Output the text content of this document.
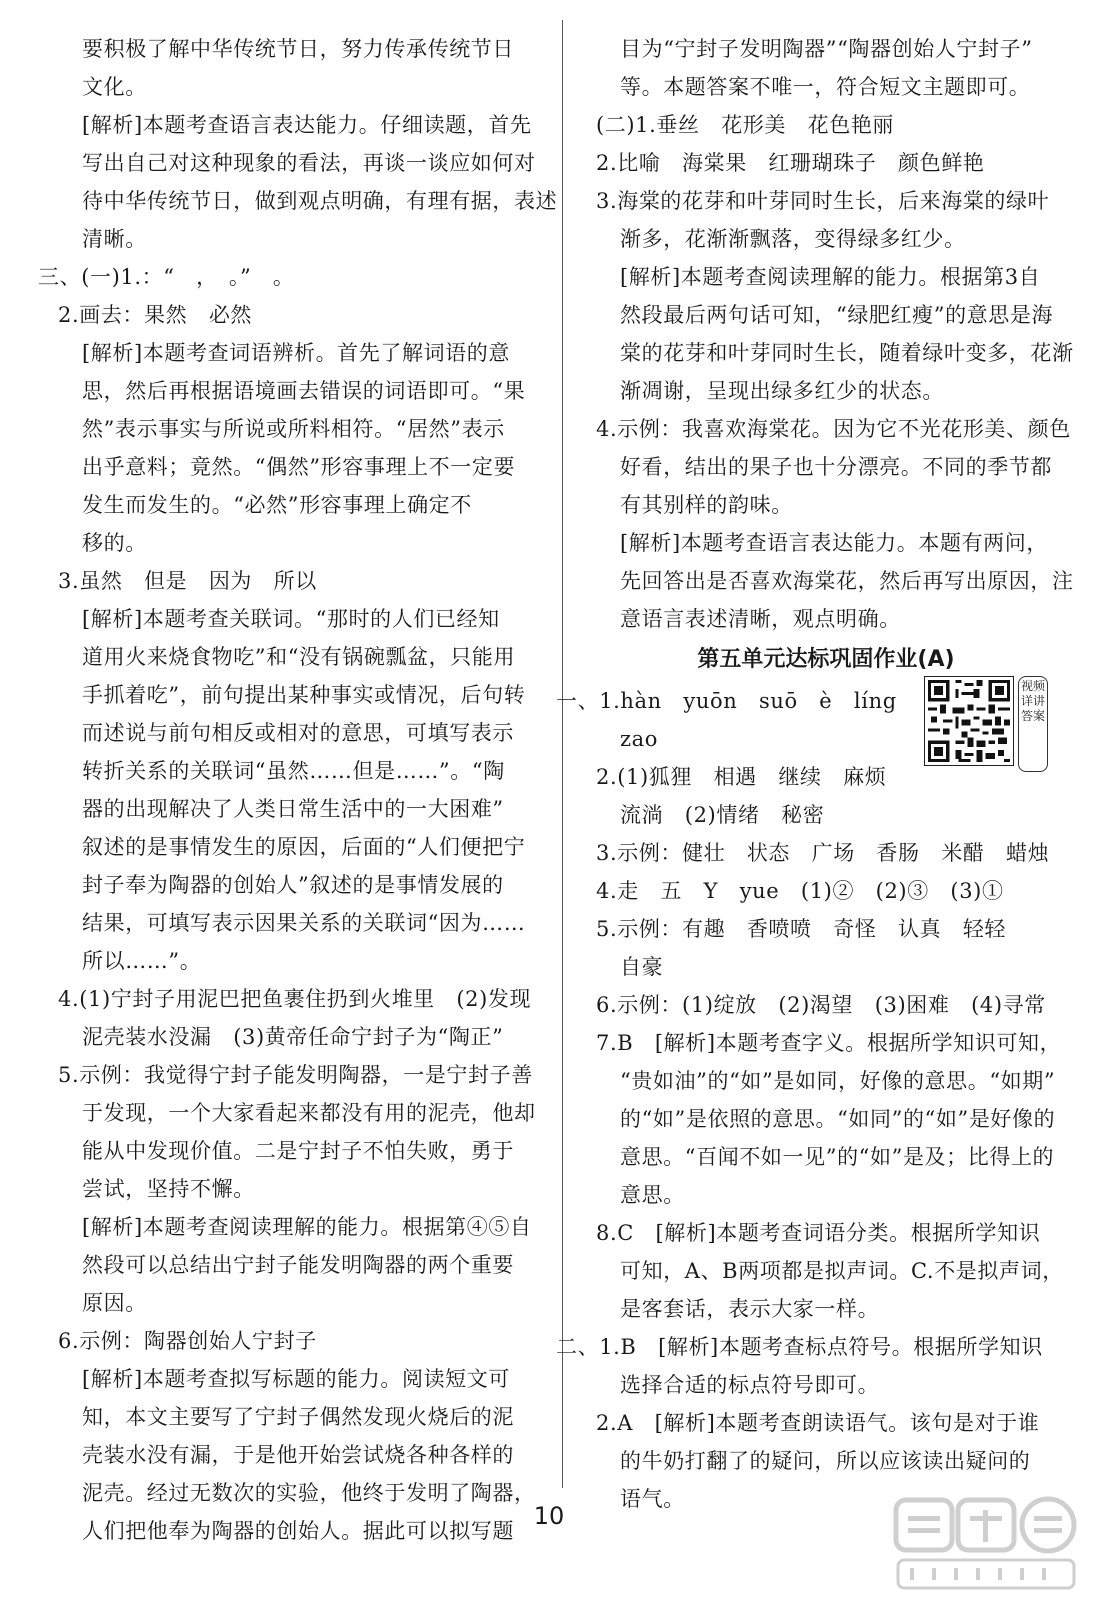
要积极了解中华传统节日，努力传承传统节日
文化。
[解析]本题考查语言表达能力。仔细读题，首先
写出自己对这种现象的看法，再谈一谈应如何对
待中华传统节日，做到观点明确，有理有据，表述
清晰。
三、(一)1.：“　，　。”　。
2.画去：果然　必然
[解析]本题考查词语辨析。首先了解词语的意
思，然后再根据语境画去错误的词语即可。“果
然”表示事实与所说或所料相符。“居然”表示
出乎意料；竟然。“偶然”形容事理上不一定要
发生而发生的。“必然”形容事理上确定不
移的。
3.虽然　但是　因为　所以
[解析]本题考查关联词。“那时的人们已经知
道用火来烧食物吃”和“没有锅碗瓢盆，只能用
手抓着吃”，前句提出某种事实或情况，后句转
而述说与前句相反或相对的意思，可填写表示
转折关系的关联词“虽然……但是……”。“陶
器的出现解决了人类日常生活中的一大困难”
叙述的是事情发生的原因，后面的“人们便把宁
封子奉为陶器的创始人”叙述的是事情发展的
结果，可填写表示因果关系的关联词“因为……
所以……”。
4.(1)宁封子用泥巴把鱼裹住扔到火堆里　(2)发现
泥壳装水没漏　(3)黄帝任命宁封子为“陶正”
5.示例：我觉得宁封子能发明陶器，一是宁封子善
于发现，一个大家看起来都没有用的泥壳，他却
能从中发现价值。二是宁封子不怕失败，勇于
尝试，坚持不懈。
[解析]本题考查阅读理解的能力。根据第④⑤自
然段可以总结出宁封子能发明陶器的两个重要
原因。
6.示例：陶器创始人宁封子
[解析]本题考查拟写标题的能力。阅读短文可
知，本文主要写了宁封子偶然发现火烧后的泥
壳装水没有漏，于是他开始尝试烧各种各样的
泥壳。经过无数次的实验，他终于发明了陶器，
人们把他奉为陶器的创始人。据此可以拟写题
目为“宁封子发明陶器”“陶器创始人宁封子”
等。本题答案不唯一，符合短文主题即可。
(二)1.垂丝　花形美　花色艳丽
2.比喻　海棠果　红珊瑚珠子　颜色鲜艳
3.海棠的花芽和叶芽同时生长，后来海棠的绿叶
渐多，花渐渐飘落，变得绿多红少。
[解析]本题考查阅读理解的能力。根据第3自
然段最后两句话可知，“绿肥红瘦”的意思是海
棠的花芽和叶芽同时生长，随着绿叶变多，花渐
渐凋谢，呈现出绿多红少的状态。
4.示例：我喜欢海棠花。因为它不光花形美、颜色
好看，结出的果子也十分漂亮。不同的季节都
有其别样的韵味。
[解析]本题考查语言表达能力。本题有两问，
先回答出是否喜欢海棠花，然后再写出原因，注
意语言表述清晰，观点明确。
第五单元达标巩固作业(A)
一、1.hàn　yuōn　suō　è　líng
zao
2.(1)狐狸　相遇　继续　麻烦
流淌　(2)情绪　秘密
3.示例：健壮　状态　广场　香肠　米醋　蜡烛
4.走　五　Y　yue　(1)②　(2)③　(3)①
5.示例：有趣　香喷喷　奇怪　认真　轻轻
自豪
6.示例：(1)绽放　(2)渴望　(3)困难　(4)寻常
7.B　[解析]本题考查字义。根据所学知识可知，
“贵如油”的“如”是如同，好像的意思。“如期”
的“如”是依照的意思。“如同”的“如”是好像的
意思。“百闻不如一见”的“如”是及；比得上的
意思。
8.C　[解析]本题考查词语分类。根据所学知识
可知，A、B两项都是拟声词。C.不是拟声词，
是客套话，表示大家一样。
二、1.B　[解析]本题考查标点符号。根据所学知识
选择合适的标点符号即可。
2.A　[解析]本题考查朗读语气。该句是对于谁
的牛奶打翻了的疑问，所以应该读出疑问的
语气。
视频详讲答案
10
